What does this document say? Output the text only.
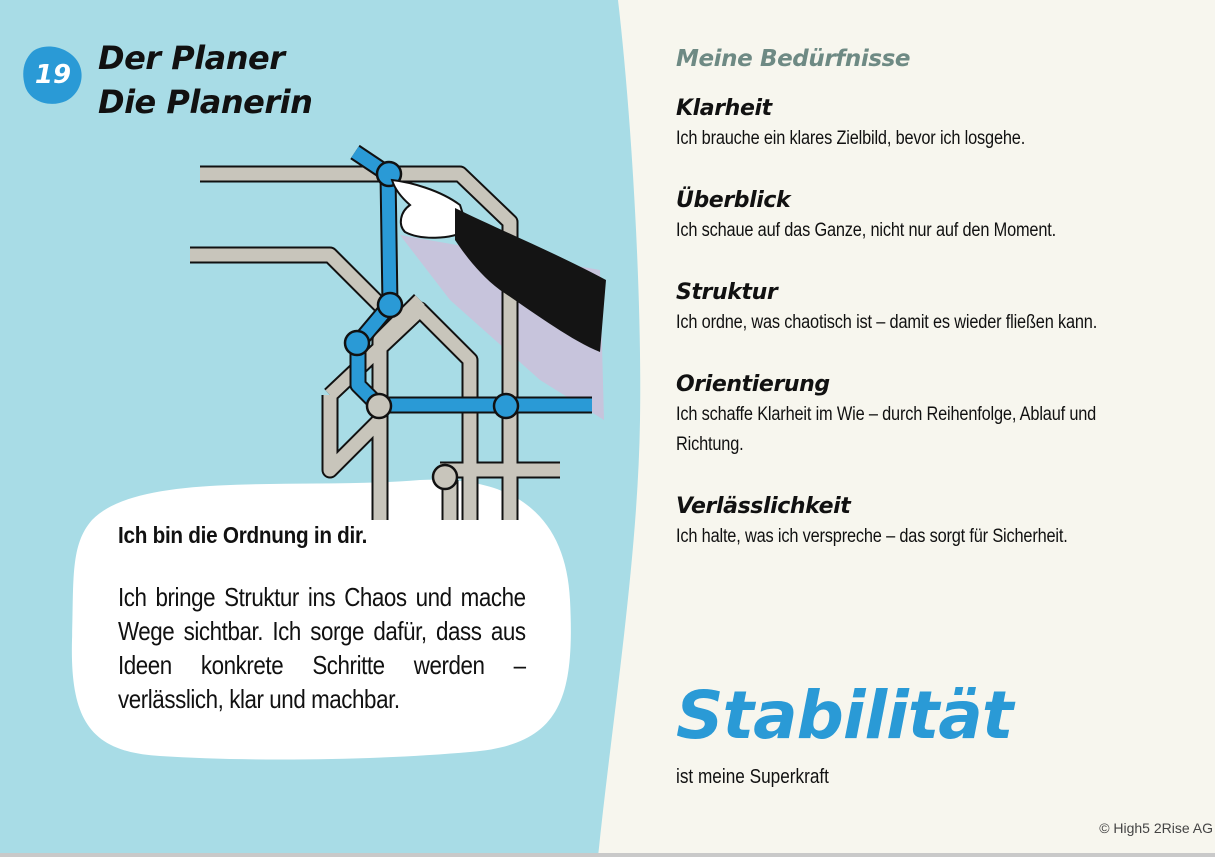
19 Der Planer
Die Planerin
Ich bin die Ordnung in dir.
Ich bringe Struktur ins Chaos und mache Wege sichtbar. Ich sorge dafür, dass aus Ideen konkrete Schritte werden – verlässlich, klar und machbar.
Meine Bedürfnisse
Klarheit
Ich brauche ein klares Zielbild, bevor ich losgehe.
Überblick
Ich schaue auf das Ganze, nicht nur auf den Moment.
Struktur
Ich ordne, was chaotisch ist – damit es wieder fließen kann.
Orientierung
Ich schaffe Klarheit im Wie – durch Reihenfolge, Ablauf und Richtung.
Verlässlichkeit
Ich halte, was ich verspreche – das sorgt für Sicherheit.
Stabilität
ist meine Superkraft
© High5 2Rise AG
